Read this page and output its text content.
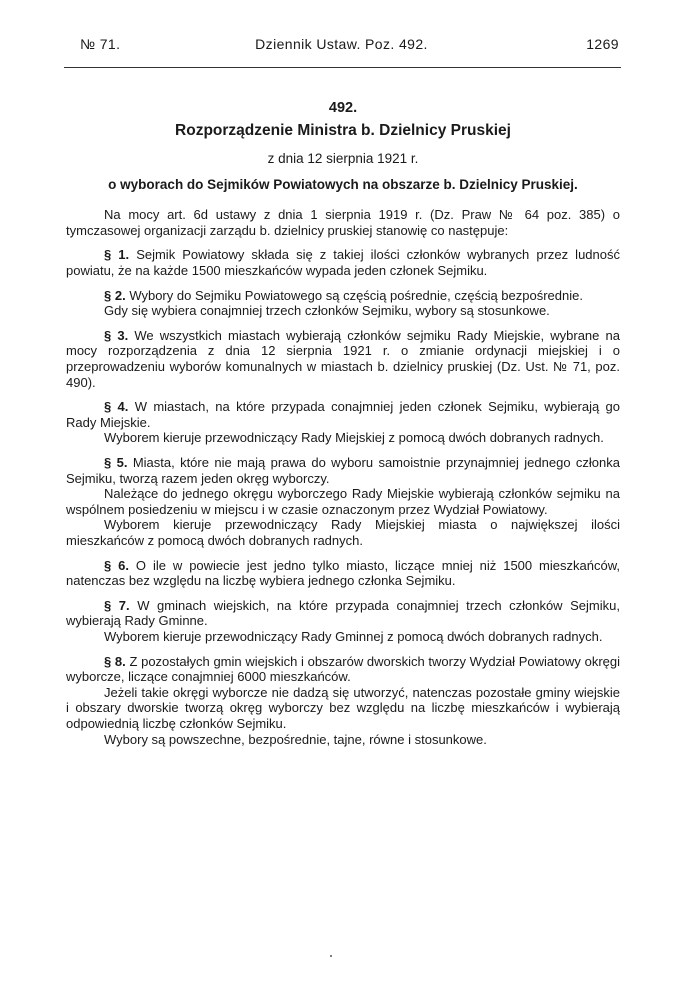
№ 71.	Dziennik Ustaw. Poz. 492.	1269
492.
Rozporządzenie Ministra b. Dzielnicy Pruskiej
z dnia 12 sierpnia 1921 r.
o wyborach do Sejmików Powiatowych na obszarze b. Dzielnicy Pruskiej.

Na mocy art. 6d ustawy z dnia 1 sierpnia 1919 r. (Dz. Praw № 64 poz. 385) o tymczasowej organizacji zarządu b. dzielnicy pruskiej stanowię co następuje:

§ 1. Sejmik Powiatowy składa się z takiej ilości członków wybranych przez ludność powiatu, że na każde 1500 mieszkańców wypada jeden członek Sejmiku.

§ 2. Wybory do Sejmiku Powiatowego są częścią pośrednie, częścią bezpośrednie.

Gdy się wybiera conajmniej trzech członków Sejmiku, wybory są stosunkowe.

§ 3. We wszystkich miastach wybierają członków sejmiku Rady Miejskie, wybrane na mocy rozporządzenia z dnia 12 sierpnia 1921 r. o zmianie ordynacji miejskiej i o przeprowadzeniu wyborów komunalnych w miastach b. dzielnicy pruskiej (Dz. Ust. № 71, poz. 490).

§ 4. W miastach, na które przypada conajmniej jeden członek Sejmiku, wybierają go Rady Miejskie.

Wyborem kieruje przewodniczący Rady Miejskiej z pomocą dwóch dobranych radnych.

§ 5. Miasta, które nie mają prawa do wyboru samoistnie przynajmniej jednego członka Sejmiku, tworzą razem jeden okręg wyborczy.

Należące do jednego okręgu wyborczego Rady Miejskie wybierają członków sejmiku na wspólnem posiedzeniu w miejscu i w czasie oznaczonym przez Wydział Powiatowy.

Wyborem kieruje przewodniczący Rady Miejskiej miasta o największej ilości mieszkańców z pomocą dwóch dobranych radnych.

§ 6. O ile w powiecie jest jedno tylko miasto, liczące mniej niż 1500 mieszkańców, natenczas bez względu na liczbę wybiera jednego członka Sejmiku.

§ 7. W gminach wiejskich, na które przypada conajmniej trzech członków Sejmiku, wybierają Rady Gminne.

Wyborem kieruje przewodniczący Rady Gminnej z pomocą dwóch dobranych radnych.

§ 8. Z pozostałych gmin wiejskich i obszarów dworskich tworzy Wydział Powiatowy okręgi wyborcze, liczące conajmniej 6000 mieszkańców.

Jeżeli takie okręgi wyborcze nie dadzą się utworzyć, natenczas pozostałe gminy wiejskie i obszary dworskie tworzą okręg wyborczy bez względu na liczbę mieszkańców i wybierają odpowiednią liczbę członków Sejmiku.

Wybory są powszechne, bezpośrednie, tajne, równe i stosunkowe.
